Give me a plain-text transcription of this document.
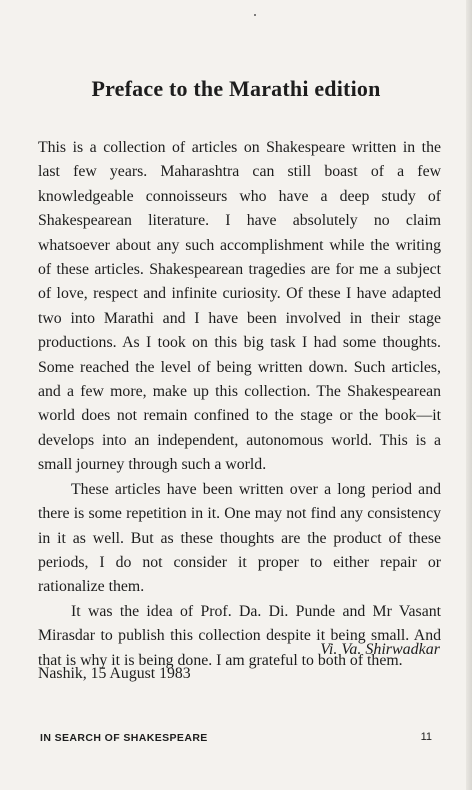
Preface to the Marathi edition

This is a collection of articles on Shakespeare written in the last few years. Maharashtra can still boast of a few knowledgeable connoisseurs who have a deep study of Shakespearean literature. I have absolutely no claim whatsoever about any such accomplishment while the writing of these articles. Shakespearean tragedies are for me a subject of love, respect and infinite curiosity. Of these I have adapted two into Marathi and I have been involved in their stage productions. As I took on this big task I had some thoughts. Some reached the level of being written down. Such articles, and a few more, make up this collection. The Shakespearean world does not remain confined to the stage or the book—it develops into an independent, autonomous world. This is a small journey through such a world.

These articles have been written over a long period and there is some repetition in it. One may not find any consistency in it as well. But as these thoughts are the product of these periods, I do not consider it proper to either repair or rationalize them.

It was the idea of Prof. Da. Di. Punde and Mr Vasant Mirasdar to publish this collection despite it being small. And that is why it is being done. I am grateful to both of them.

Vi. Va. Shirwadkar
Nashik, 15 August 1983
IN SEARCH OF SHAKESPEARE	11
